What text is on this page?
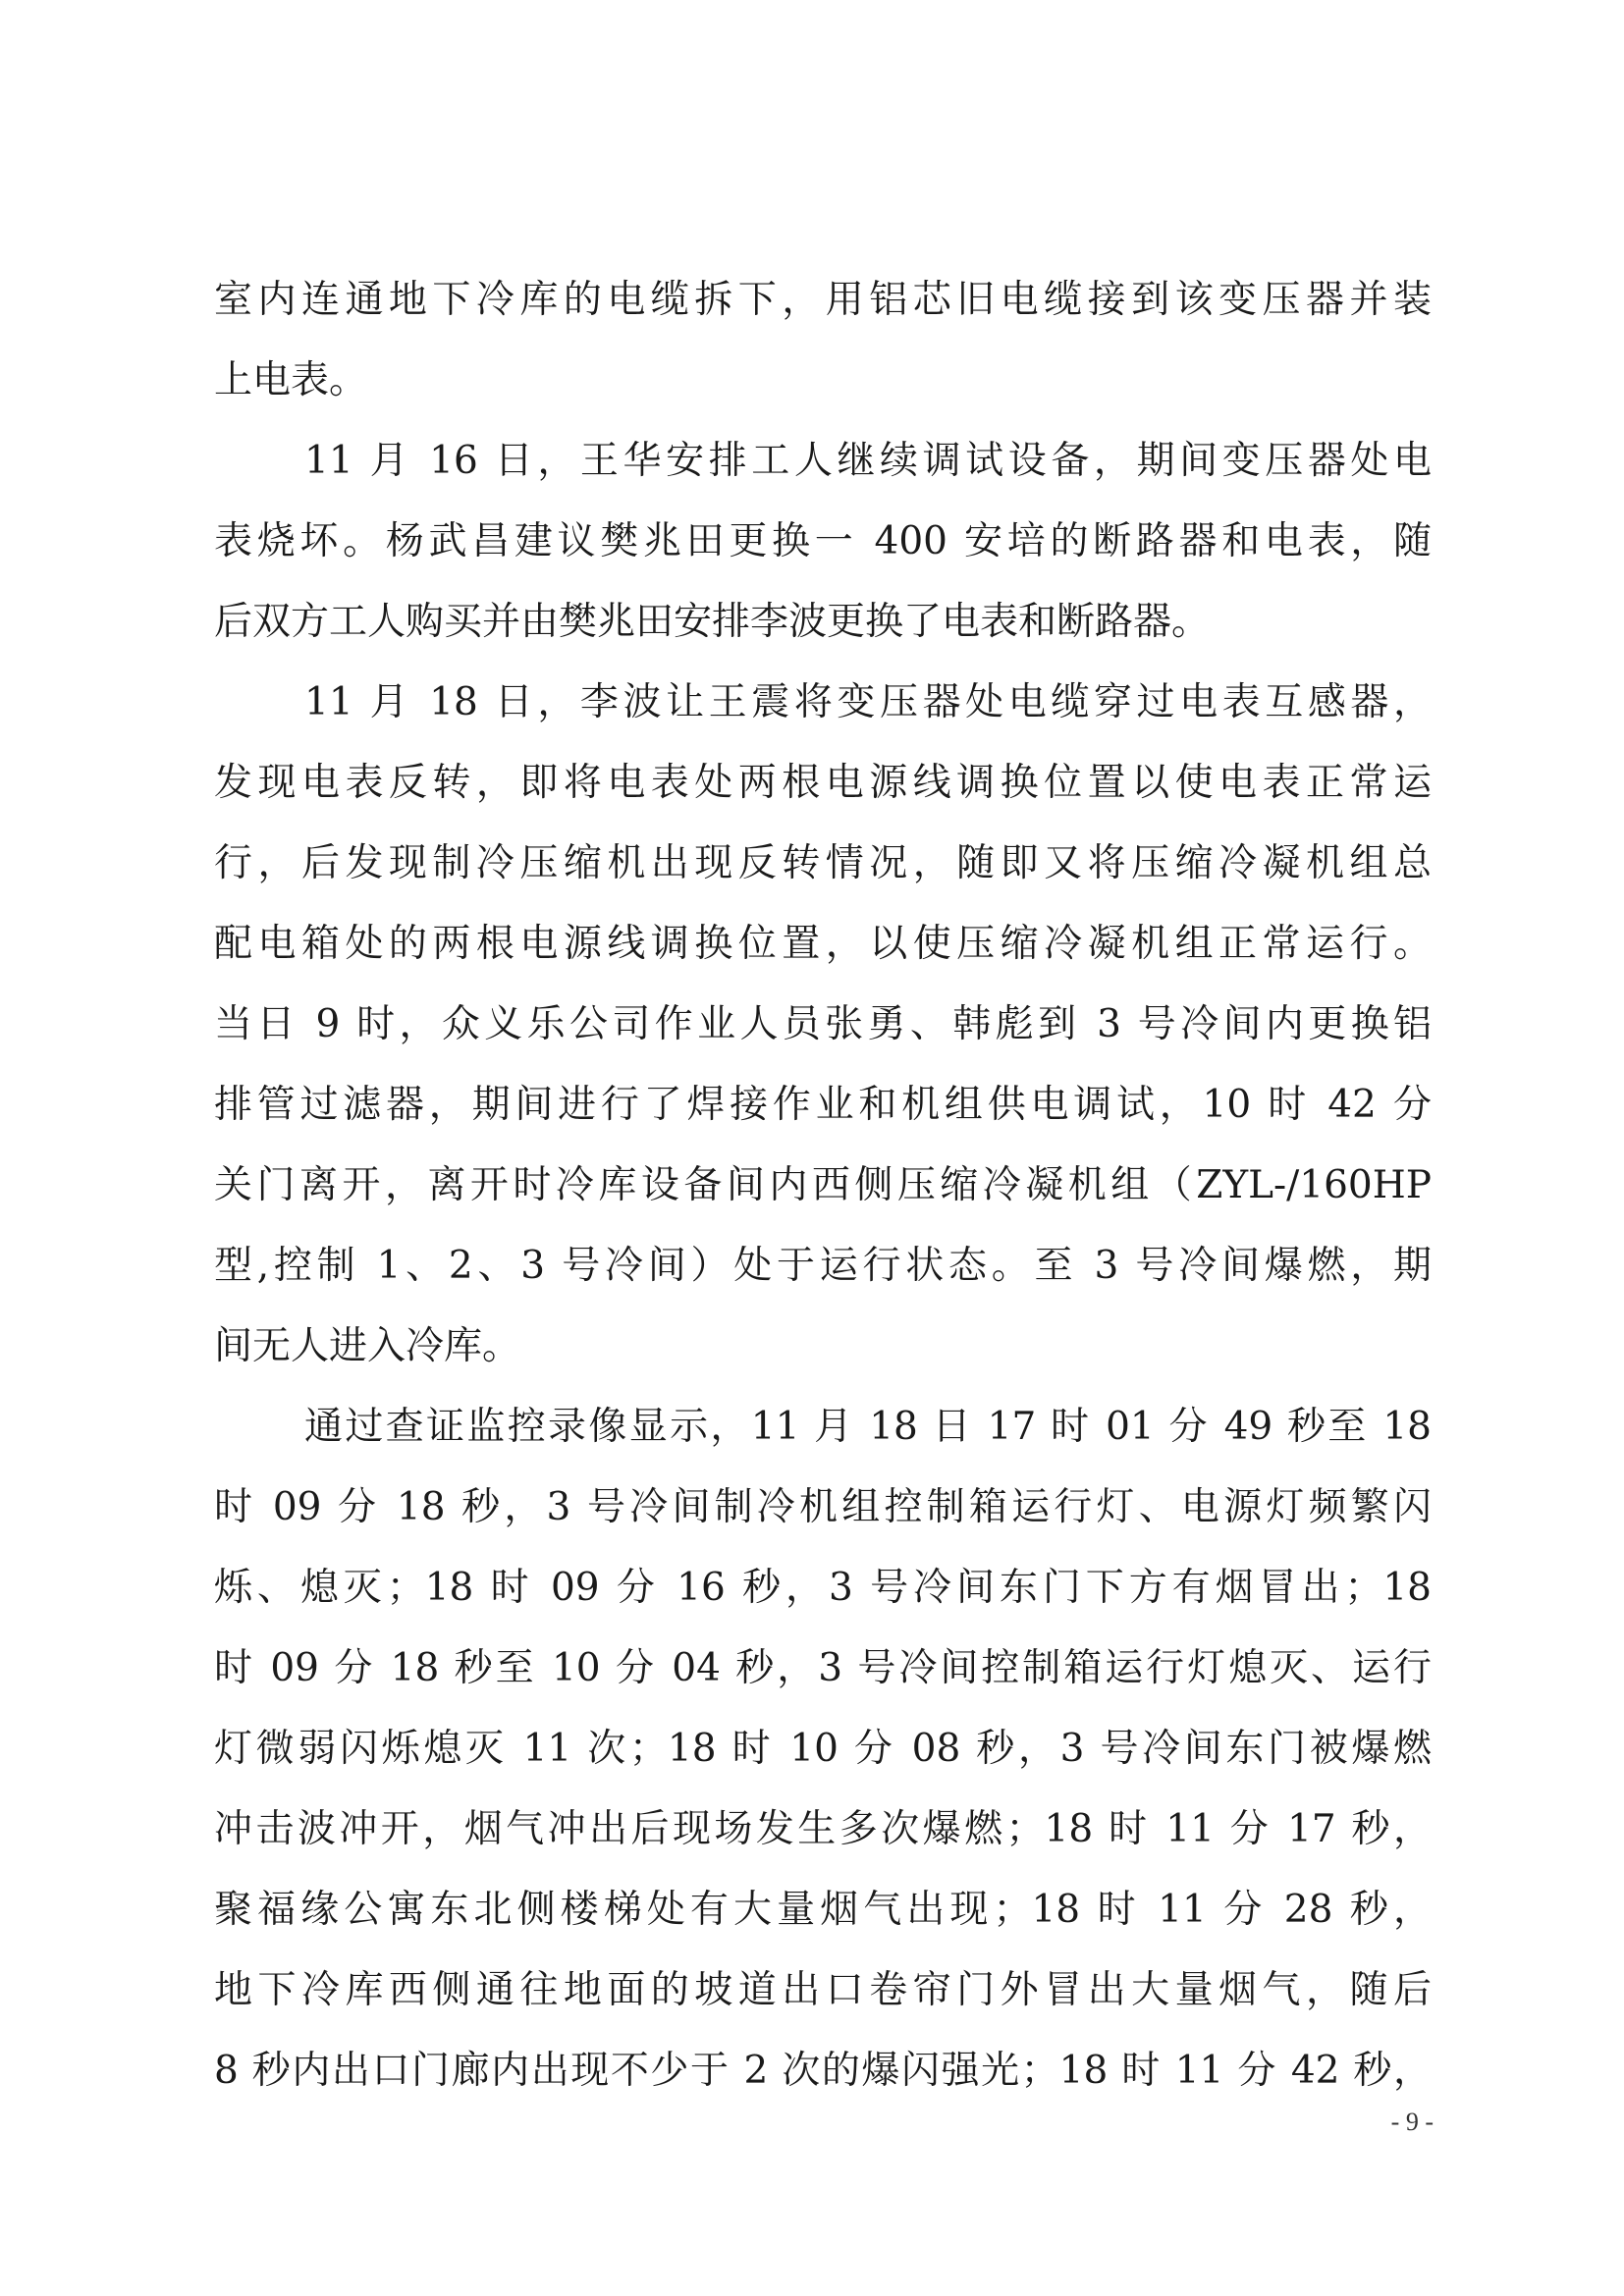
室内连通地下冷库的电缆拆下，用铝芯旧电缆接到该变压器并装
上电表。
11 月 16 日，王华安排工人继续调试设备，期间变压器处电
表烧坏。杨武昌建议樊兆田更换一 400 安培的断路器和电表，随
后双方工人购买并由樊兆田安排李波更换了电表和断路器。
11 月 18 日，李波让王震将变压器处电缆穿过电表互感器，
发现电表反转，即将电表处两根电源线调换位置以使电表正常运
行，后发现制冷压缩机出现反转情况，随即又将压缩冷凝机组总
配电箱处的两根电源线调换位置，以使压缩冷凝机组正常运行。
当日 9 时，众义乐公司作业人员张勇、韩彪到 3 号冷间内更换铝
排管过滤器，期间进行了焊接作业和机组供电调试，10 时 42 分
关门离开，离开时冷库设备间内西侧压缩冷凝机组（ZYL-/160HP
型,控制 1、2、3 号冷间）处于运行状态。至 3 号冷间爆燃，期
间无人进入冷库。
通过查证监控录像显示，11 月 18 日 17 时 01 分 49 秒至 18
时 09 分 18 秒，3 号冷间制冷机组控制箱运行灯、电源灯频繁闪
烁、熄灭；18 时 09 分 16 秒，3 号冷间东门下方有烟冒出；18
时 09 分 18 秒至 10 分 04 秒，3 号冷间控制箱运行灯熄灭、运行
灯微弱闪烁熄灭 11 次；18 时 10 分 08 秒，3 号冷间东门被爆燃
冲击波冲开，烟气冲出后现场发生多次爆燃；18 时 11 分 17 秒，
聚福缘公寓东北侧楼梯处有大量烟气出现；18 时 11 分 28 秒，
地下冷库西侧通往地面的坡道出口卷帘门外冒出大量烟气，随后
8 秒内出口门廊内出现不少于 2 次的爆闪强光；18 时 11 分 42 秒，
- 9 -
